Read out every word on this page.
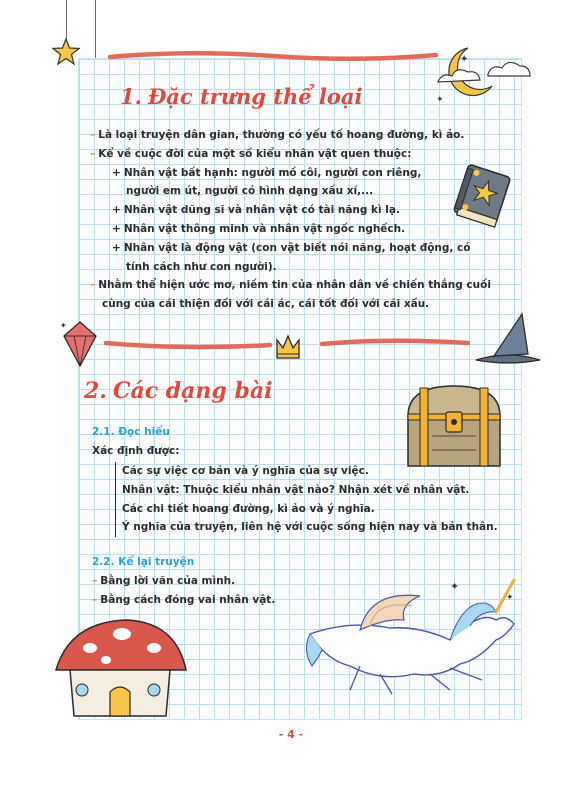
✦
✦
1. Đặc trưng thể loại
– Là loại truyện dân gian, thường có yếu tố hoang đường, kì ảo.
– Kể về cuộc đời của một số kiểu nhân vật quen thuộc:
+ Nhân vật bất hạnh: người mồ côi, người con riêng,
người em út, người có hình dạng xấu xí,...
+ Nhân vật dũng sĩ và nhân vật có tài năng kì lạ.
+ Nhân vật thông minh và nhân vật ngốc nghếch.
+ Nhân vật là động vật (con vật biết nói năng, hoạt động, có
tính cách như con người).
– Nhằm thể hiện ước mơ, niềm tin của nhân dân về chiến thắng cuối
cùng của cái thiện đối với cái ác, cái tốt đối với cái xấu.
✦
2. Các dạng bài
2.1. Đọc hiểu
Xác định được:
Các sự việc cơ bản và ý nghĩa của sự việc.
Nhân vật: Thuộc kiểu nhân vật nào? Nhận xét về nhân vật.
Các chi tiết hoang đường, kì ảo và ý nghĩa.
Ý nghĩa của truyện, liên hệ với cuộc sống hiện nay và bản thân.
2.2. Kể lại truyện
– Bằng lời văn của mình.
– Bằng cách đóng vai nhân vật.
✦
✦
- 4 -
